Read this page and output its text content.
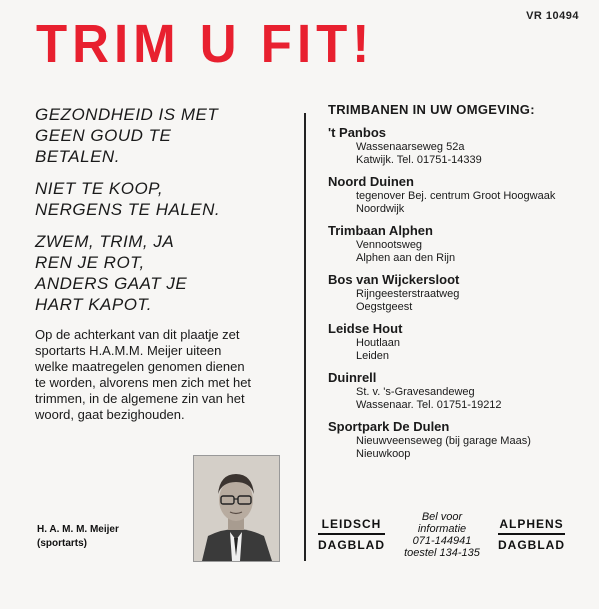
VR 10494
TRIM U FIT!
GEZONDHEID IS MET
GEEN GOUD TE
BETALEN.
NIET TE KOOP,
NERGENS TE HALEN.
ZWEM, TRIM, JA
REN JE ROT,
ANDERS GAAT JE
HART KAPOT.
Op de achterkant van dit plaatje zet
sportarts H.A.M.M. Meijer uiteen
welke maatregelen genomen dienen
te worden, alvorens men zich met het
trimmen, in de algemene zin van het
woord, gaat bezighouden.
H. A. M. M. Meijer
(sportarts)
TRIMBANEN IN UW OMGEVING:
't Panbos
Wassenaarseweg 52a
Katwijk. Tel. 01751-14339
Noord Duinen
tegenover Bej. centrum Groot Hoogwaak
Noordwijk
Trimbaan Alphen
Vennootsweg
Alphen aan den Rijn
Bos van Wijckersloot
Rijngeesterstraatweg
Oegstgeest
Leidse Hout
Houtlaan
Leiden
Duinrell
St. v. 's-Gravesandeweg
Wassenaar. Tel. 01751-19212
Sportpark De Dulen
Nieuwveenseweg (bij garage Maas)
Nieuwkoop
LEIDSCH
DAGBLAD
Bel voor
informatie
071-144941
toestel 134-135
ALPHENS
DAGBLAD
